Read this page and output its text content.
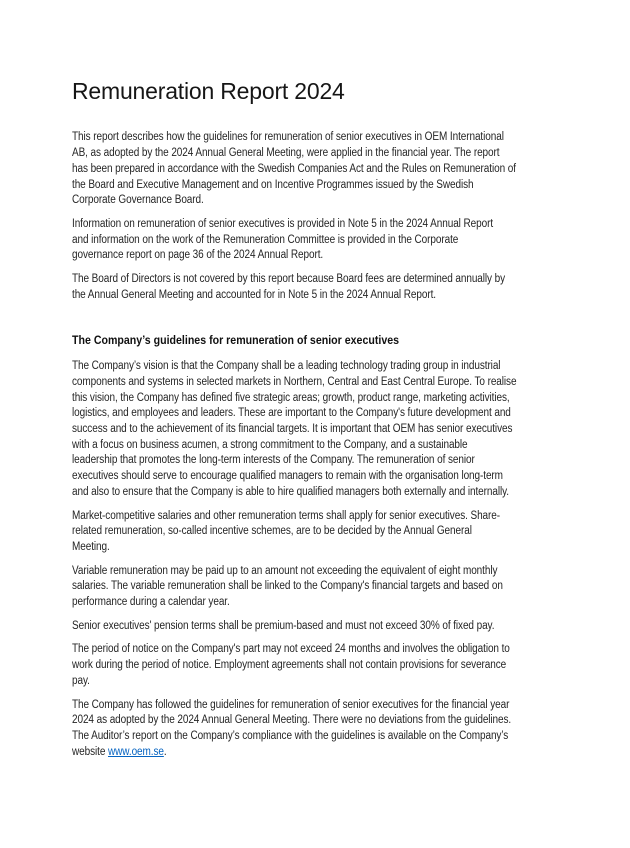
Remuneration Report 2024
This report describes how the guidelines for remuneration of senior executives in OEM International
AB, as adopted by the 2024 Annual General Meeting, were applied in the financial year. The report
has been prepared in accordance with the Swedish Companies Act and the Rules on Remuneration of
the Board and Executive Management and on Incentive Programmes issued by the Swedish
Corporate Governance Board.
Information on remuneration of senior executives is provided in Note 5 in the 2024 Annual Report
and information on the work of the Remuneration Committee is provided in the Corporate
governance report on page 36 of the 2024 Annual Report.
The Board of Directors is not covered by this report because Board fees are determined annually by
the Annual General Meeting and accounted for in Note 5 in the 2024 Annual Report.
The Company’s guidelines for remuneration of senior executives
The Company’s vision is that the Company shall be a leading technology trading group in industrial
components and systems in selected markets in Northern, Central and East Central Europe. To realise
this vision, the Company has defined five strategic areas; growth, product range, marketing activities,
logistics, and employees and leaders. These are important to the Company's future development and
success and to the achievement of its financial targets. It is important that OEM has senior executives
with a focus on business acumen, a strong commitment to the Company, and a sustainable
leadership that promotes the long-term interests of the Company. The remuneration of senior
executives should serve to encourage qualified managers to remain with the organisation long-term
and also to ensure that the Company is able to hire qualified managers both externally and internally.
Market-competitive salaries and other remuneration terms shall apply for senior executives. Share-
related remuneration, so-called incentive schemes, are to be decided by the Annual General
Meeting.
Variable remuneration may be paid up to an amount not exceeding the equivalent of eight monthly
salaries. The variable remuneration shall be linked to the Company's financial targets and based on
performance during a calendar year.
Senior executives' pension terms shall be premium-based and must not exceed 30% of fixed pay.
The period of notice on the Company's part may not exceed 24 months and involves the obligation to
work during the period of notice. Employment agreements shall not contain provisions for severance
pay.
The Company has followed the guidelines for remuneration of senior executives for the financial year
2024 as adopted by the 2024 Annual General Meeting. There were no deviations from the guidelines.
The Auditor’s report on the Company’s compliance with the guidelines is available on the Company’s
website www.oem.se.
